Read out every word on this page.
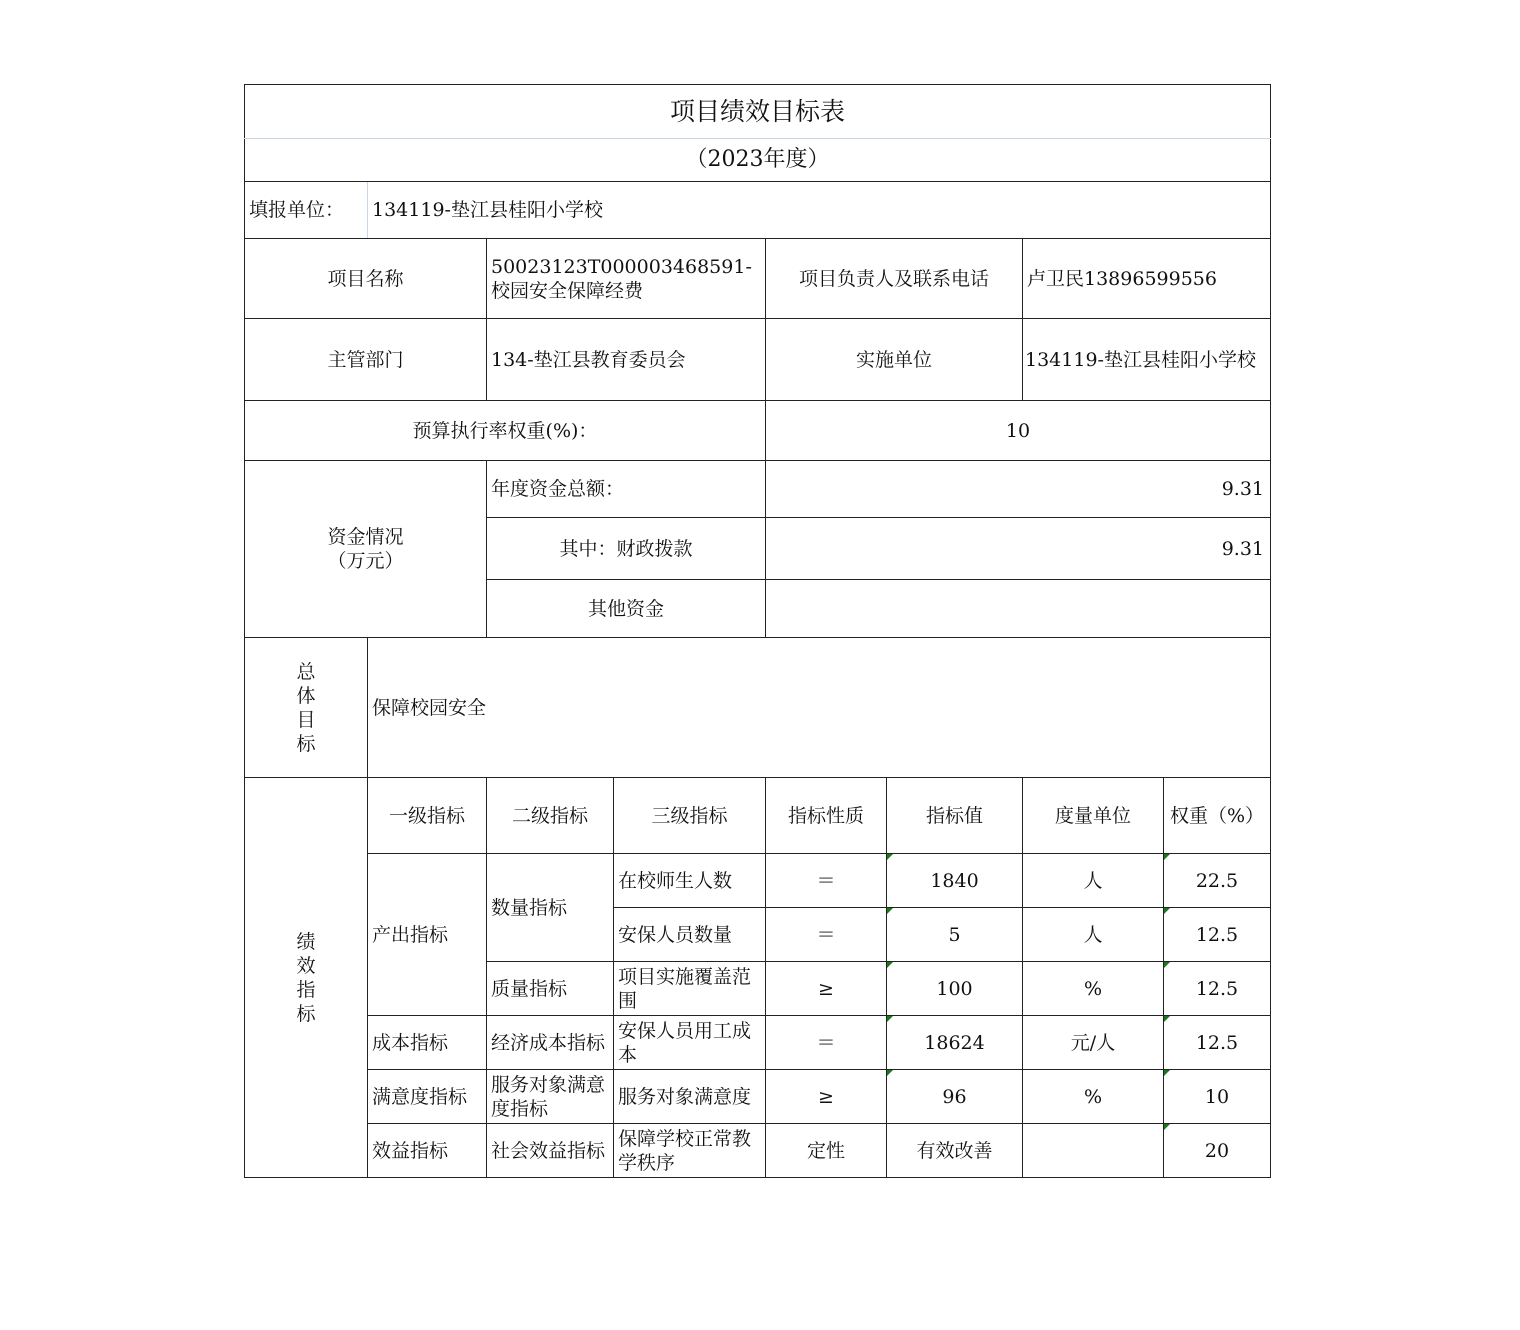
项目绩效目标表							
（2023年度）							
填报单位：	134119-垫江县桂阳小学校						
项目名称		50023123T000003468591-校园安全保障经费		项目负责人及联系电话		卢卫民13896599556	
主管部门		134-垫江县教育委员会		实施单位		134119-垫江县桂阳小学校	
预算执行率权重(%)：				10			

资金情况
（万元）		年度资金总额：		9.31			
		其中：财政拨款		9.31			
		其他资金					

总
体
目
标	保障校园安全						

绩
效
指
标	一级指标	二级指标	三级指标	指标性质	指标值	度量单位	权重（%）
	产出指标	数量指标	在校师生人数	＝	1840	人	22.5
			安保人员数量	＝	5	人	12.5
		质量指标	项目实施覆盖范围	≥	100	%	12.5
	成本指标	经济成本指标	安保人员用工成本	＝	18624	元/人	12.5
	满意度指标	服务对象满意度指标	服务对象满意度	≥	96	%	10
	效益指标	社会效益指标	保障学校正常教学秩序	定性	有效改善		20
